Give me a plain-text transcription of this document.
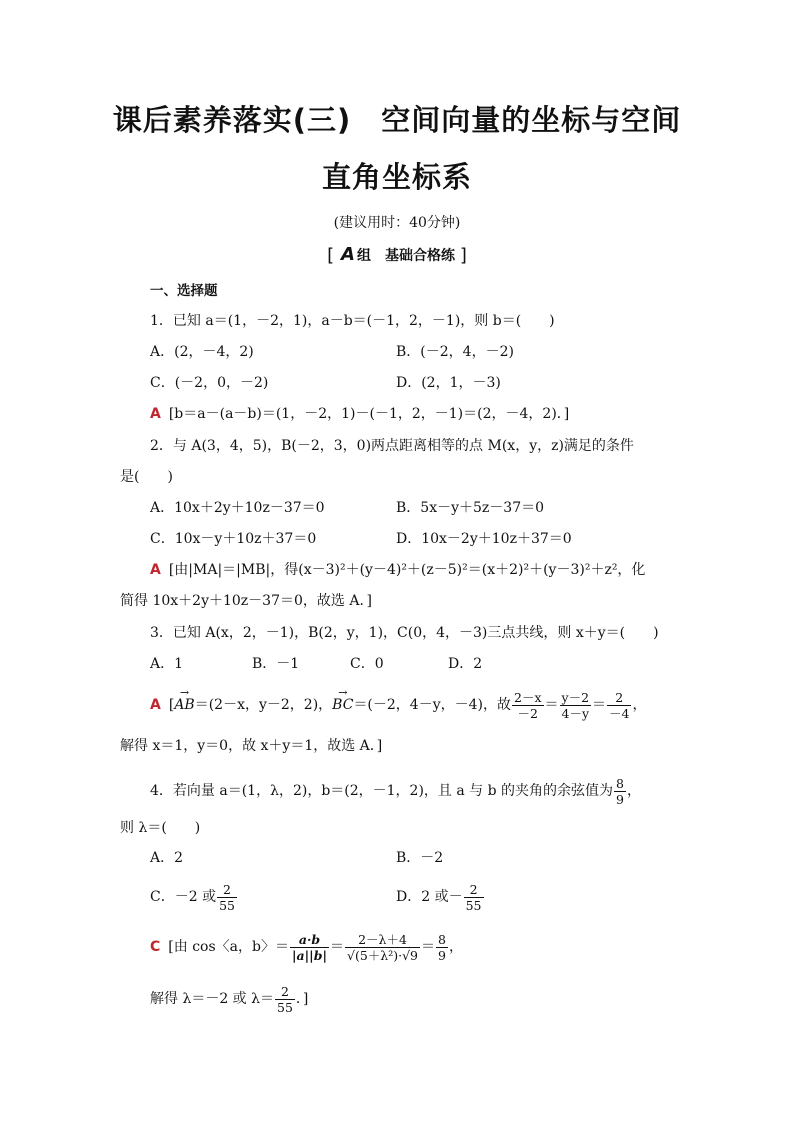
课后素养落实(三)　空间向量的坐标与空间
直角坐标系
(建议用时：40分钟)
[ A 组　基础合格练 ]
一、选择题
1．已知 a＝(1，－2，1)，a－b＝(－1，2，－1)，则 b＝(　　)
A．(2，－4，2)	B．(－2，4，－2)
C．(－2，0，－2)	D．(2，1，－3)
A [b＝a－(a－b)＝(1，－2，1)－(－1，2，－1)＝(2，－4，2)．]
2．与 A(3，4，5)，B(－2，3，0)两点距离相等的点 M(x，y，z)满足的条件
是(　　)
A．10x＋2y＋10z－37＝0	B．5x－y＋5z－37＝0
C．10x－y＋10z＋37＝0	D．10x－2y＋10z＋37＝0
A [由|MA|＝|MB|，得(x－3)²＋(y－4)²＋(z－5)²＝(x＋2)²＋(y－3)²＋z²，化
简得 10x＋2y＋10z－37＝0，故选 A．]
3．已知 A(x，2，－1)，B(2，y，1)，C(0，4，－3)三点共线，则 x＋y＝(　　)
A．1	B．－1	C．0	D．2
A [→ AB＝(2－x，y－2，2)，→ BC＝(－2，4－y，－4)，故 $\frac{2-x}{-2} = \frac{y-2}{4-y} = \frac{2}{-4}$ ，
解得 x＝1，y＝0，故 x＋y＝1，故选 A．]
4．若向量 a＝(1，λ，2)，b＝(2，－1，2)，且 a 与 b 的夹角的余弦值为 $\frac{8}{9}$ ，
则 λ＝(　　)
A．2	B．－2
C．－2 或 $\frac{2}{55}$	D．2 或－ $\frac{2}{55}$
C [由 cos〈a，b〉＝ $\frac{a\cdot b}{|a||b|} = \frac{2-\lambda+4}{\text{√(5＋λ²)·√9}} = \frac{8}{9}$ ，
解得 λ＝－2 或 $\lambda= \frac{2}{55}$ ．]
